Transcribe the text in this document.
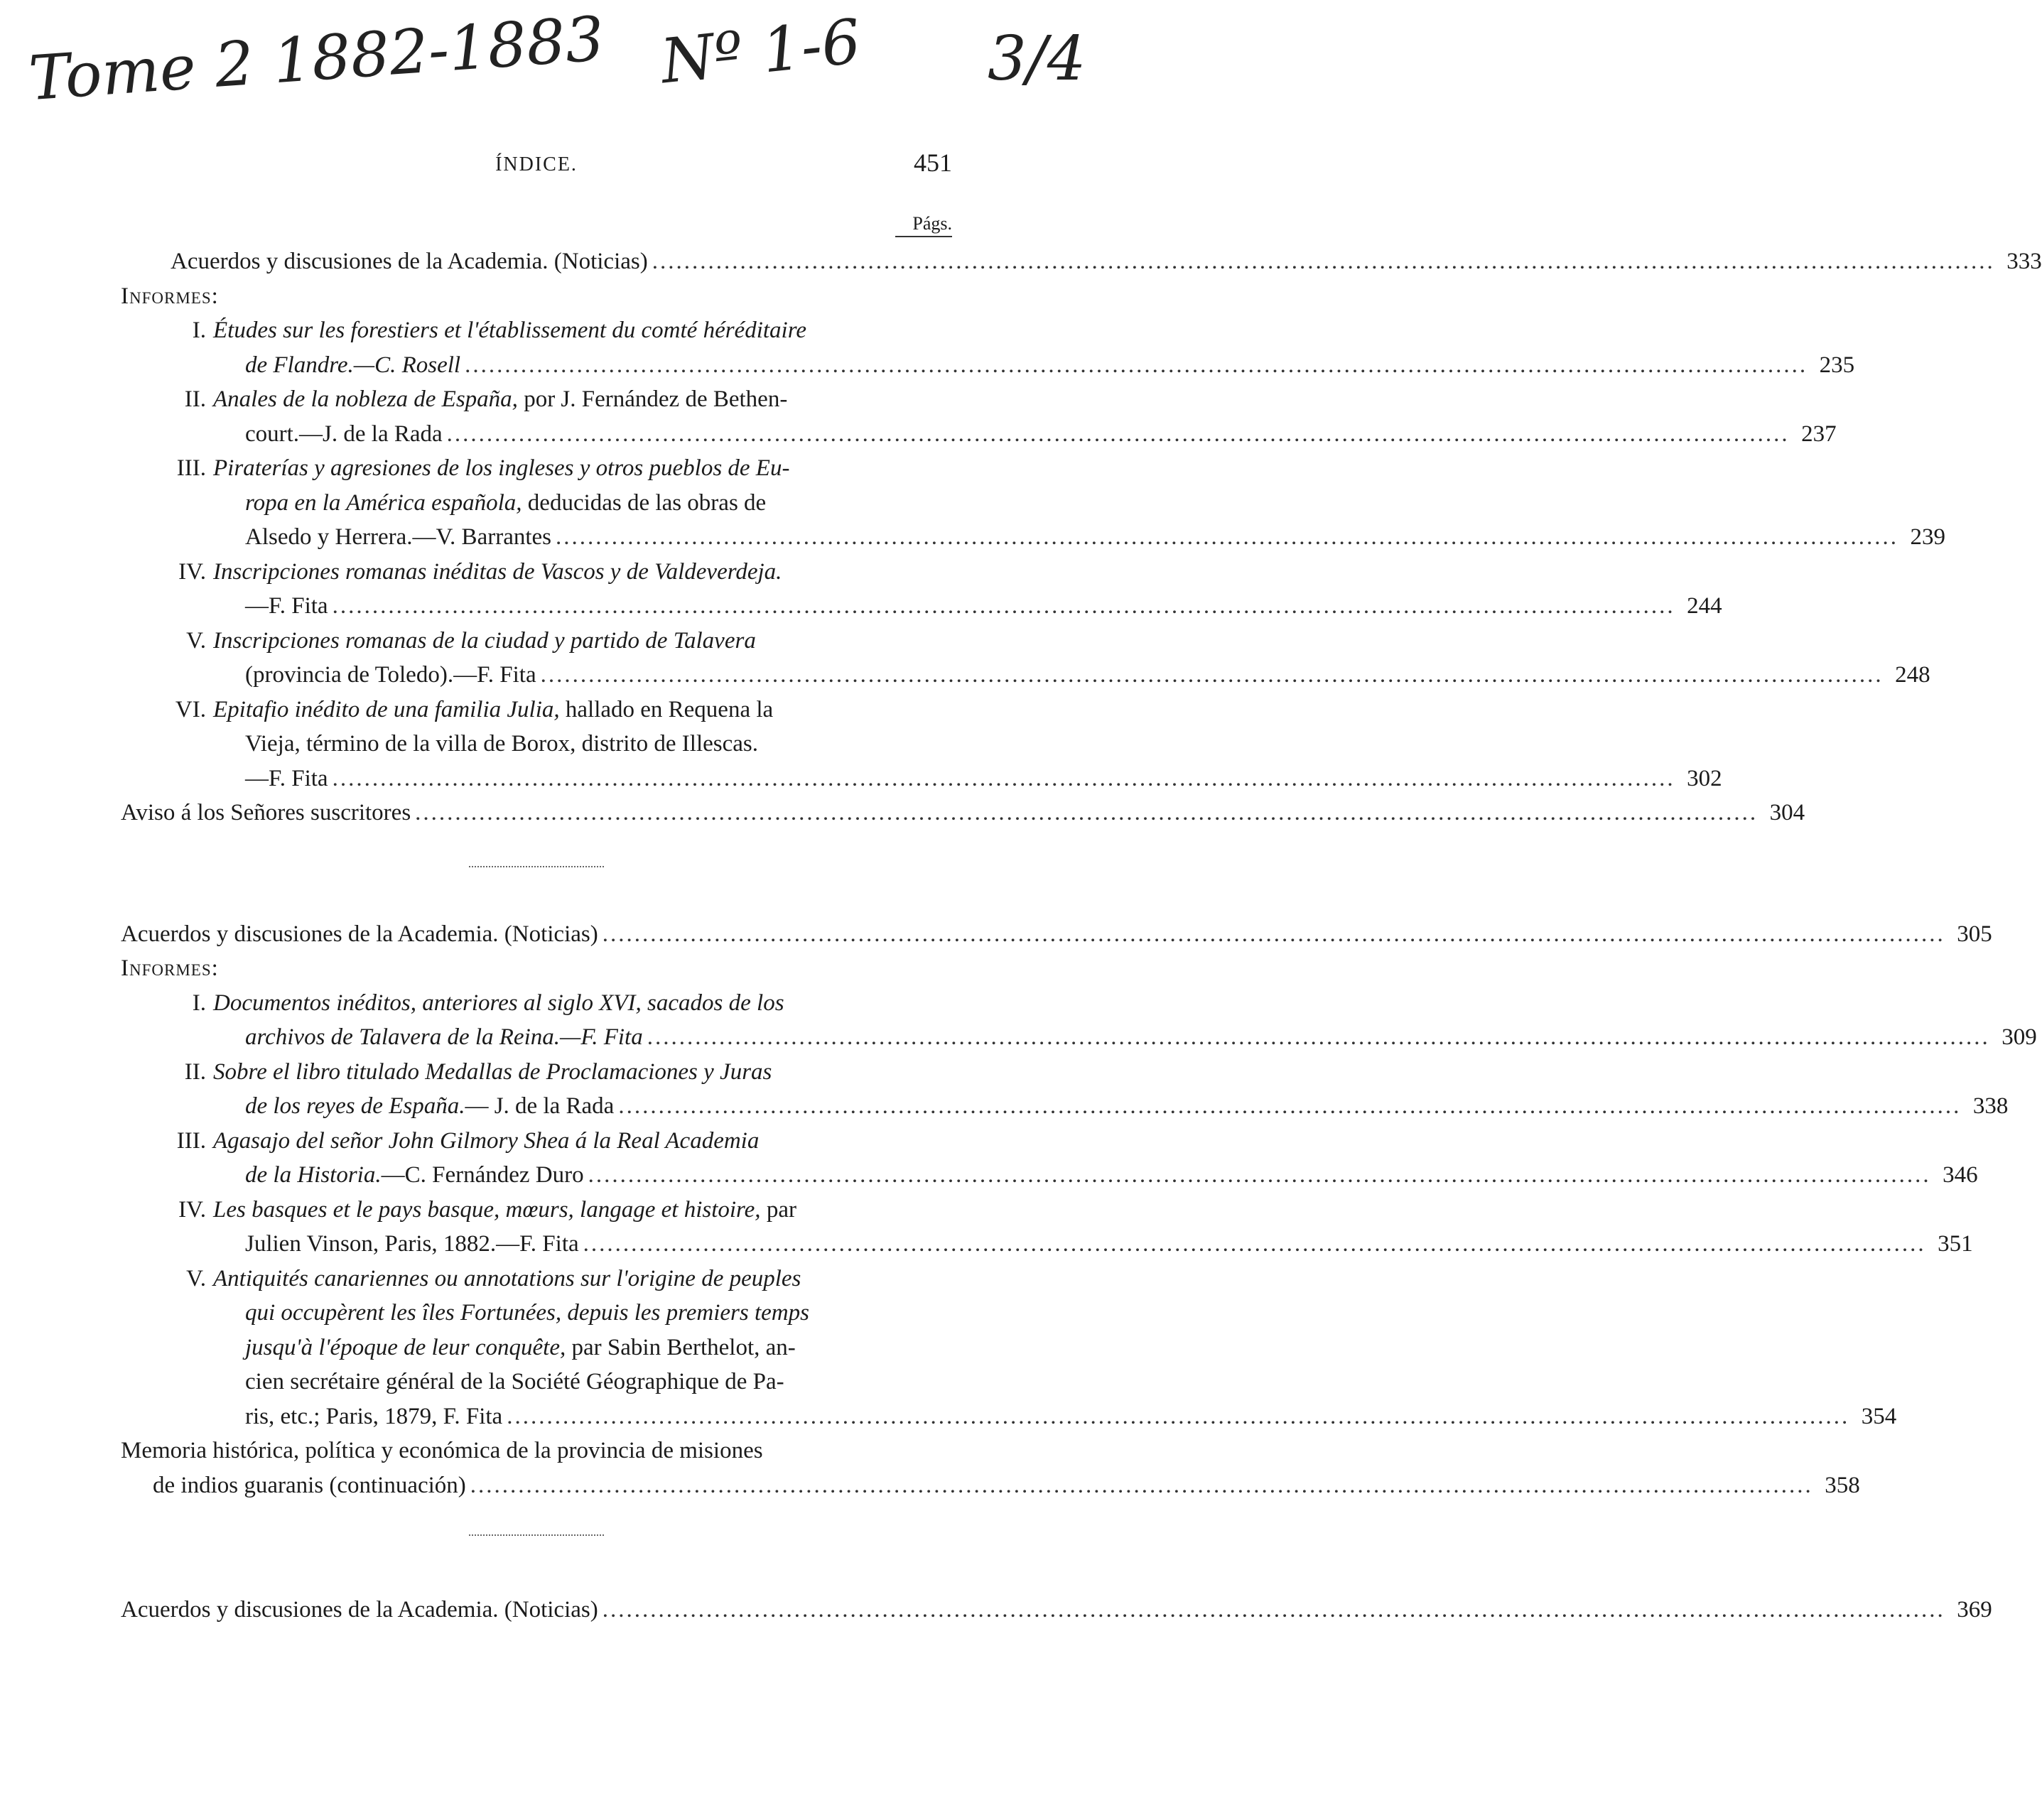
Tome 2 1882-1883 Nº 1-6 3/4
ÍNDICE.	451
Págs.
Acuerdos y discusiones de la Academia. (Noticias) .....	333
Informes:
I. Études sur les forestiers et l'établissement du comté héréditaire
de Flandre.—C. Rosell .....	235
II. Anales de la nobleza de España, por J. Fernández de Bethen-
court.—J. de la Rada .....	237
III. Piraterías y agresiones de los ingleses y otros pueblos de Eu-
ropa en la América española, deducidas de las obras de
Alsedo y Herrera.—V. Barrantes .....	239
IV. Inscripciones romanas inéditas de Vascos y de Valdeverdeja.
—F. Fita .....	244
V. Inscripciones romanas de la ciudad y partido de Talavera
(provincia de Toledo).—F. Fita .....	248
VI. Epitafio inédito de una familia Julia, hallado en Requena la
Vieja, término de la villa de Borox, distrito de Illescas.
—F. Fita .....	302
Aviso á los Señores suscritores .....	304
Acuerdos y discusiones de la Academia. (Noticias) .....	305
Informes:
I. Documentos inéditos, anteriores al siglo XVI, sacados de los
archivos de Talavera de la Reina.—F. Fita .....	309
II. Sobre el libro titulado Medallas de Proclamaciones y Juras
de los reyes de España.— J. de la Rada .....	338
III. Agasajo del señor John Gilmory Shea á la Real Academia
de la Historia.—C. Fernández Duro .....	346
IV. Les basques et le pays basque, mœurs, langage et histoire, par
Julien Vinson, Paris, 1882.—F. Fita .....	351
V. Antiquités canariennes ou annotations sur l'origine de peuples
qui occupèrent les îles Fortunées, depuis les premiers temps
jusqu'à l'époque de leur conquête, par Sabin Berthelot, an-
cien secrétaire général de la Société Géographique de Pa-
ris, etc.; Paris, 1879, F. Fita .....	354
Memoria histórica, política y económica de la provincia de misiones
de indios guaranis (continuación) .....	358
Acuerdos y discusiones de la Academia. (Noticias) .....	369
